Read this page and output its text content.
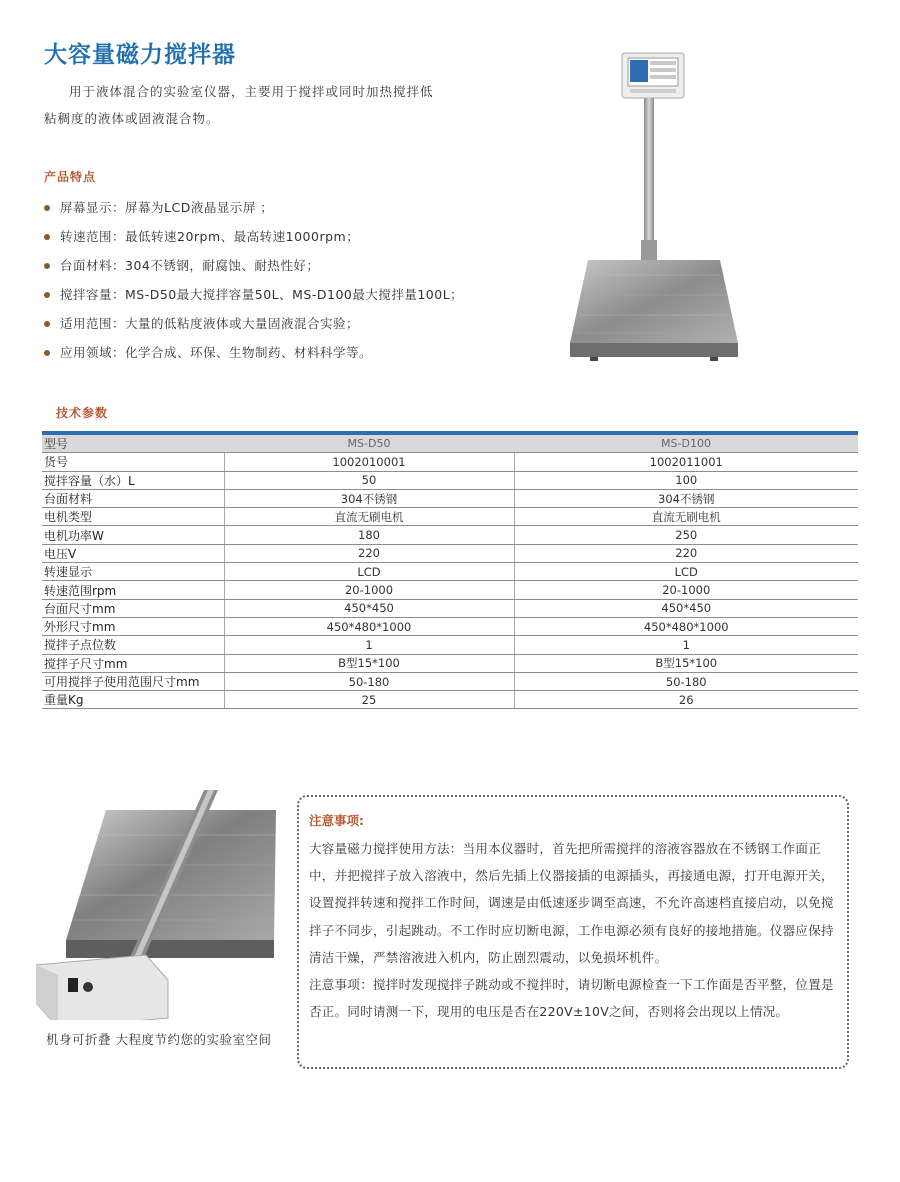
大容量磁力搅拌器
用于液体混合的实验室仪器，主要用于搅拌或同时加热搅拌低粘稠度的液体或固液混合物。
产品特点
屏幕显示：屏幕为LCD液晶显示屏 ；
转速范围：最低转速20rpm、最高转速1000rpm；
台面材料：304不锈钢，耐腐蚀、耐热性好；
搅拌容量：MS-D50最大搅拌容量50L、MS-D100最大搅拌量100L；
适用范围：大量的低粘度液体或大量固液混合实验；
应用领域：化学合成、环保、生物制药、材料科学等。
技术参数
型号	MS-D50	MS-D100
货号	1002010001	1002011001
搅拌容量（水）L	50	100
台面材料	304不锈钢	304不锈钢
电机类型	直流无刷电机	直流无刷电机
电机功率W	180	250
电压V	220	220
转速显示	LCD	LCD
转速范围rpm	20-1000	20-1000
台面尺寸mm	450*450	450*450
外形尺寸mm	450*480*1000	450*480*1000
搅拌子点位数	1	1
搅拌子尺寸mm	B型15*100	B型15*100
可用搅拌子使用范围尺寸mm	50-180	50-180
重量Kg	25	26
机身可折叠 大程度节约您的实验室空间
注意事项:

大容量磁力搅拌使用方法：当用本仪器时，首先把所需搅拌的溶液容器放在不锈钢工作面正中，并把搅拌子放入溶液中，然后先插上仪器接插的电源插头，再接通电源，打开电源开关，设置搅拌转速和搅拌工作时间，调速是由低速逐步调至高速，不允许高速档直接启动，以免搅拌子不同步，引起跳动。不工作时应切断电源，工作电源必须有良好的接地措施。仪器应保持清洁干燥，严禁溶液进入机内，防止剧烈震动，以免损坏机件。

注意事项：搅拌时发现搅拌子跳动或不搅拌时，请切断电源检查一下工作面是否平整，位置是否正。同时请测一下，现用的电压是否在220V±10V之间，否则将会出现以上情况。
